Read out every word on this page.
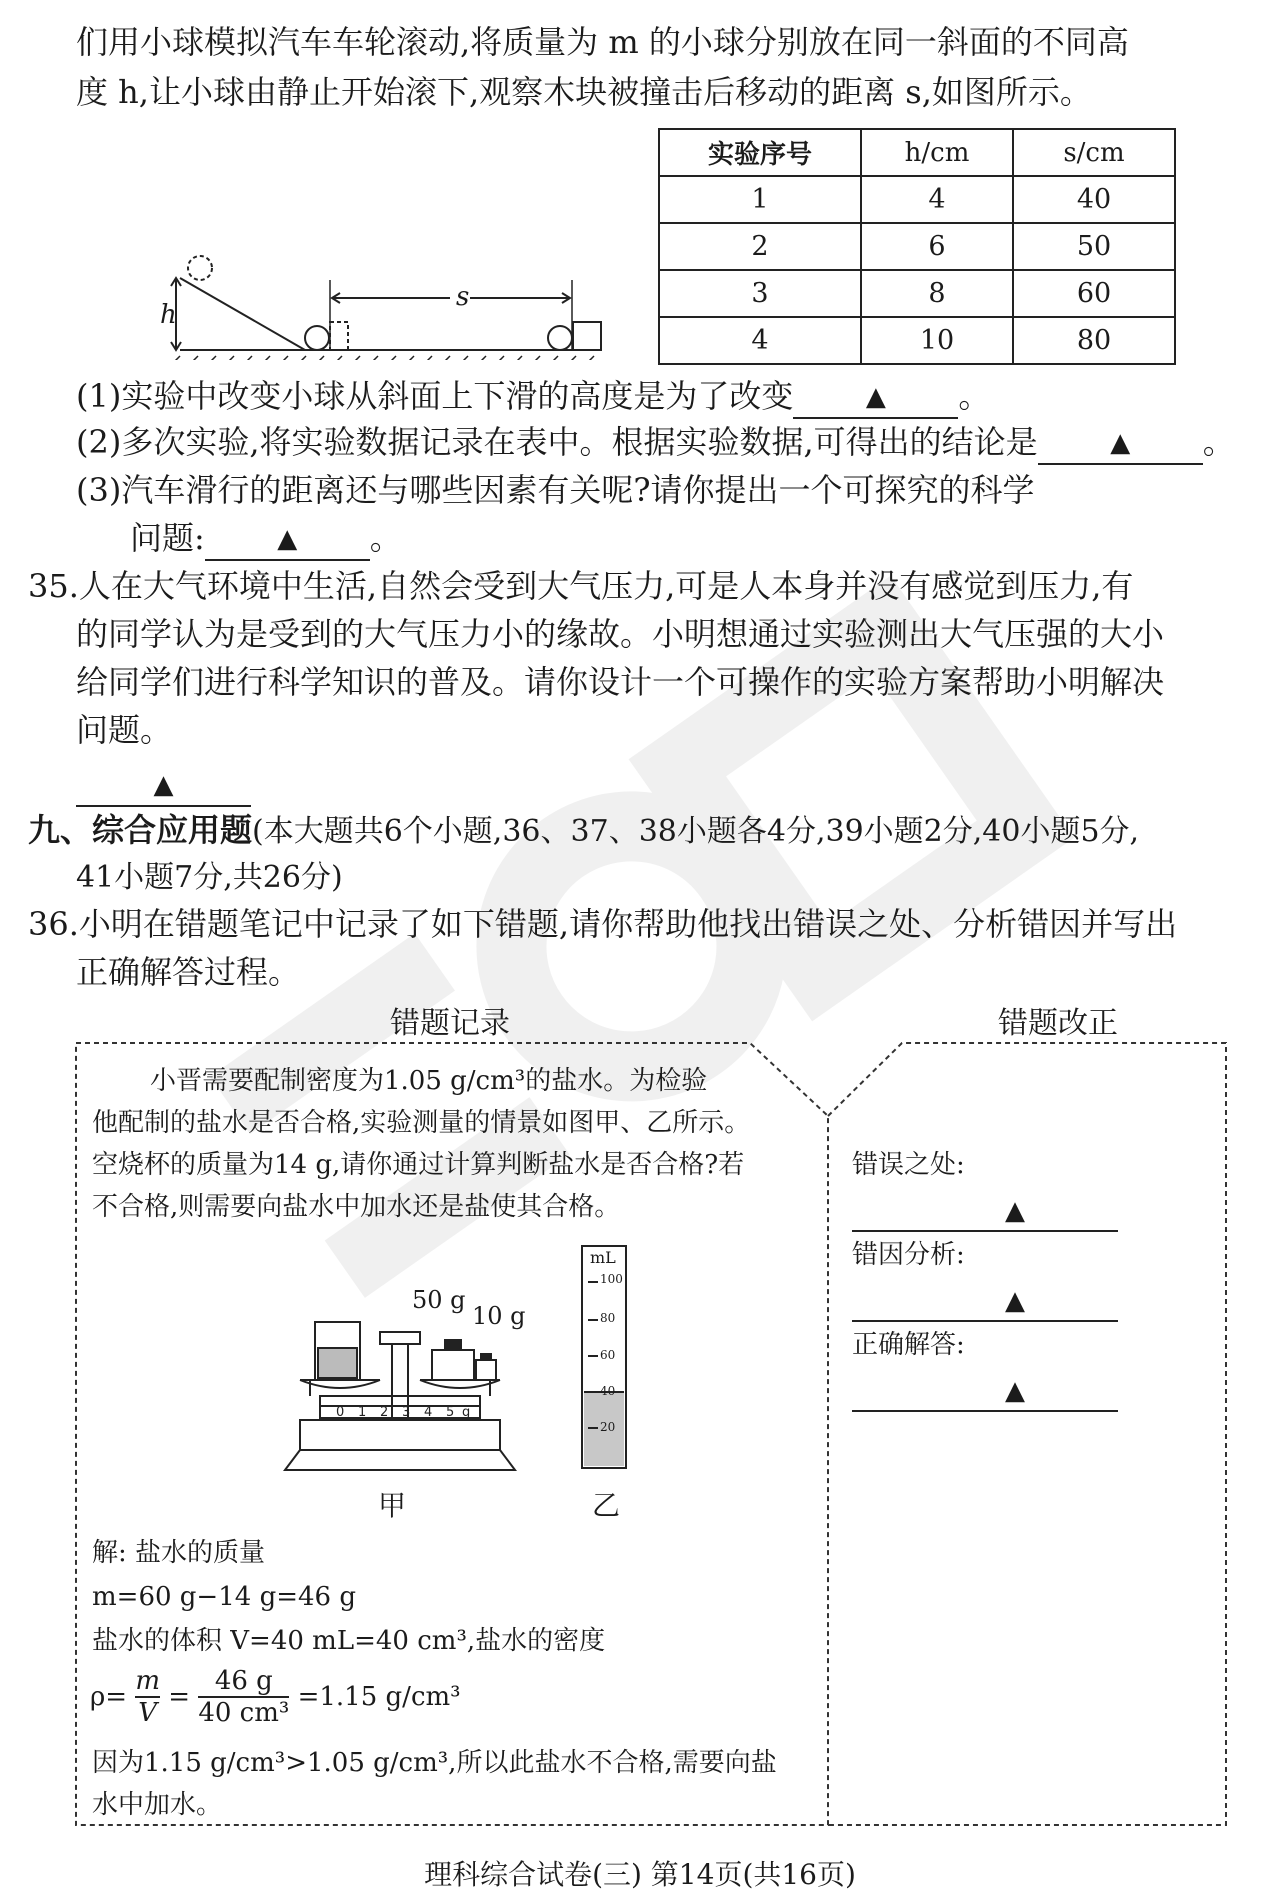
们用小球模拟汽车车轮滚动,将质量为 m 的小球分别放在同一斜面的不同高
度 h,让小球由静止开始滚下,观察木块被撞击后移动的距离 s,如图所示。
h
s
实验序号	h/cm	s/cm
1	4	40
2	6	50
3	8	60
4	10	80
(1)实验中改变小球从斜面上下滑的高度是为了改变	▲ 。
(2)多次实验,将实验数据记录在表中。根据实验数据,可得出的结论是	▲ 。
(3)汽车滑行的距离还与哪些因素有关呢?请你提出一个可探究的科学
问题:	▲ 。
35.人在大气环境中生活,自然会受到大气压力,可是人本身并没有感觉到压力,有
的同学认为是受到的大气压力小的缘故。小明想通过实验测出大气压强的大小
给同学们进行科学知识的普及。请你设计一个可操作的实验方案帮助小明解决
问题。
▲
九、综合应用题(本大题共6个小题,36、37、38小题各4分,39小题2分,40小题5分,
41小题7分,共26分)
36.小明在错题笔记中记录了如下错题,请你帮助他找出错误之处、分析错因并写出
正确解答过程。
错题记录	错题改正
小晋需要配制密度为1.05 g/cm³的盐水。为检验
他配制的盐水是否合格,实验测量的情景如图甲、乙所示。
空烧杯的质量为14 g,请你通过计算判断盐水是否合格?若
不合格,则需要向盐水中加水还是盐使其合格。
0 1 2 3 4 5 g
50 g
10 g
甲
mL
100
80
60
40
20
乙
解: 盐水的质量
m=60 g−14 g=46 g
盐水的体积 V=40 mL=40 cm³,盐水的密度
$\rho= \frac{m}{V} = \frac{46 g}{\text{40 cm³}} =1.15$ g/cm³
因为1.15 g/cm³>1.05 g/cm³,所以此盐水不合格,需要向盐
水中加水。
错误之处:
▲
错因分析:
▲
正确解答:
▲
理科综合试卷(三) 第14页(共16页)
